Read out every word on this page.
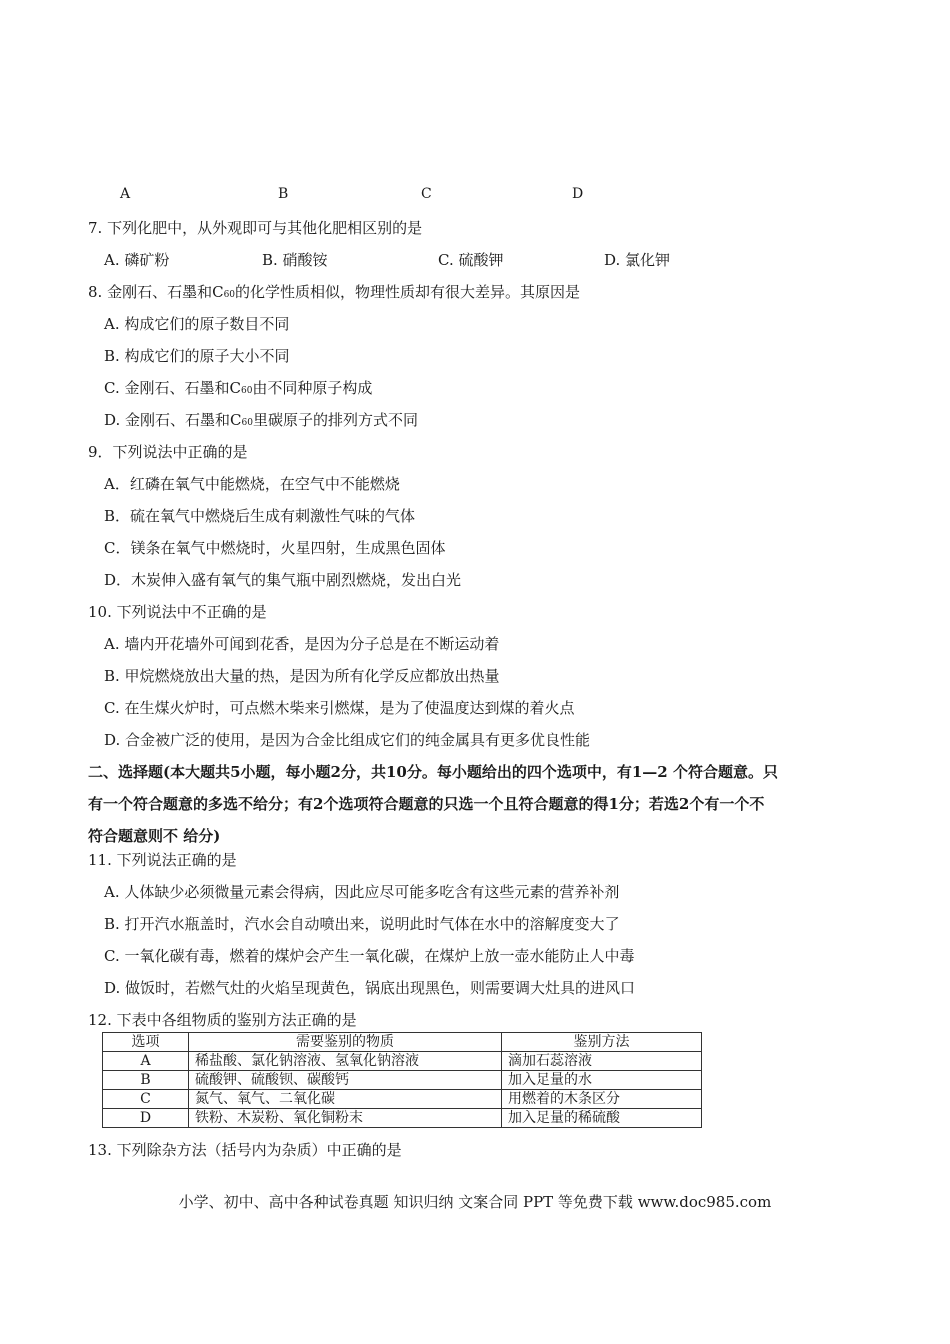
A	B	C	D
7. 下列化肥中，从外观即可与其他化肥相区别的是
A. 磷矿粉	B. 硝酸铵	C. 硫酸钾	D. 氯化钾
8. 金刚石、石墨和C60的化学性质相似，物理性质却有很大差异。其原因是
A. 构成它们的原子数目不同
B. 构成它们的原子大小不同
C. 金刚石、石墨和C60由不同种原子构成
D. 金刚石、石墨和C60里碳原子的排列方式不同
9．下列说法中正确的是
A．红磷在氧气中能燃烧，在空气中不能燃烧
B．硫在氧气中燃烧后生成有刺激性气味的气体
C．镁条在氧气中燃烧时，火星四射，生成黑色固体
D．木炭伸入盛有氧气的集气瓶中剧烈燃烧，发出白光
10. 下列说法中不正确的是
A. 墙内开花墙外可闻到花香，是因为分子总是在不断运动着
B. 甲烷燃烧放出大量的热，是因为所有化学反应都放出热量
C. 在生煤火炉时，可点燃木柴来引燃煤，是为了使温度达到煤的着火点
D. 合金被广泛的使用，是因为合金比组成它们的纯金属具有更多优良性能
二、选择题(本大题共5小题，每小题2分，共10分。每小题给出的四个选项中，有1—2 个符合题意。只
有一个符合题意的多选不给分；有2个选项符合题意的只选一个且符合题意的得1分；若选2个有一个不
符合题意则不 给分)
11. 下列说法正确的是
A. 人体缺少必须微量元素会得病，因此应尽可能多吃含有这些元素的营养补剂
B. 打开汽水瓶盖时，汽水会自动喷出来，说明此时气体在水中的溶解度变大了
C. 一氧化碳有毒，燃着的煤炉会产生一氧化碳，在煤炉上放一壶水能防止人中毒
D. 做饭时，若燃气灶的火焰呈现黄色，锅底出现黑色，则需要调大灶具的进风口
12. 下表中各组物质的鉴别方法正确的是
选项	需要鉴别的物质	鉴别方法
A	稀盐酸、氯化钠溶液、氢氧化钠溶液	滴加石蕊溶液
B	硫酸钾、硫酸钡、碳酸钙	加入足量的水
C	氮气、氧气、二氧化碳	用燃着的木条区分
D	铁粉、木炭粉、氧化铜粉末	加入足量的稀硫酸
13. 下列除杂方法（括号内为杂质）中正确的是
小学、初中、高中各种试卷真题 知识归纳 文案合同 PPT 等免费下载 www.doc985.com
